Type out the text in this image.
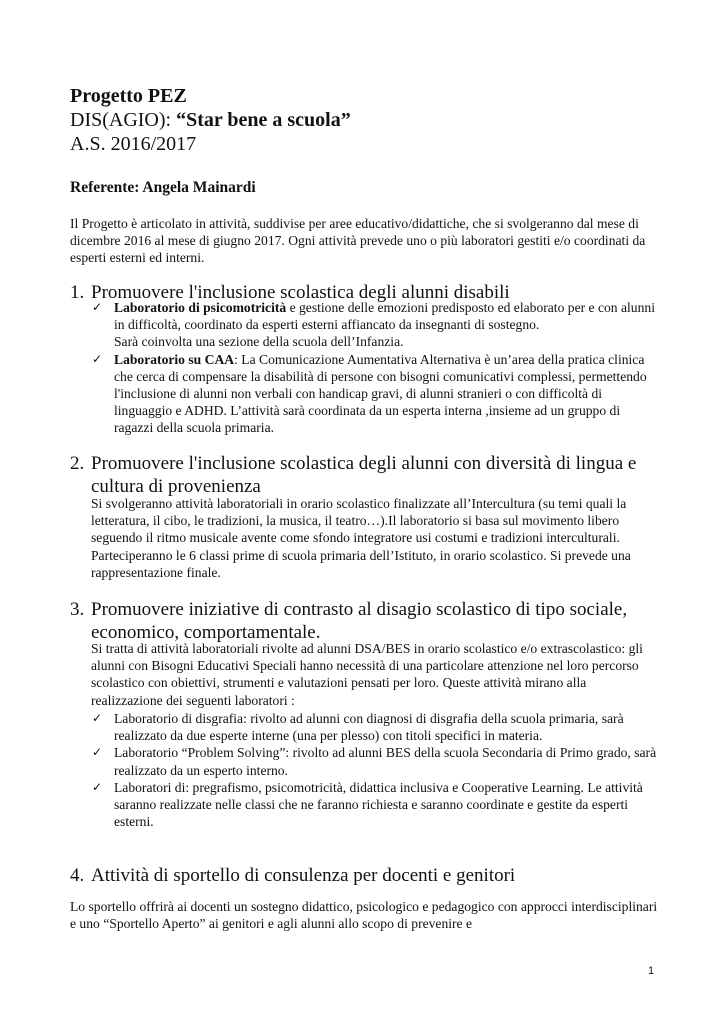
Progetto PEZ
DIS(AGIO): “Star bene a scuola”
A.S. 2016/2017
Referente: Angela Mainardi

Il Progetto è articolato in attività, suddivise per aree educativo/didattiche, che si svolgeranno dal mese di dicembre 2016 al mese di giugno 2017. Ogni attività prevede uno o più laboratori gestiti e/o coordinati da esperti esterni ed interni.

1. Promuovere l'inclusione scolastica degli alunni disabili
✓ Laboratorio di psicomotricità e gestione delle emozioni predisposto ed elaborato per e con alunni in difficoltà, coordinato da esperti esterni affiancato da insegnanti di sostegno.
Sarà coinvolta una sezione della scuola dell’Infanzia.
✓ Laboratorio su CAA: La Comunicazione Aumentativa Alternativa è un’area della pratica clinica che cerca di compensare la disabilità di persone con bisogni comunicativi complessi, permettendo l'inclusione di alunni non verbali con handicap gravi, di alunni stranieri o con difficoltà di linguaggio e ADHD. L’attività sarà coordinata da un esperta interna ,insieme ad un gruppo di ragazzi della scuola primaria.
2. Promuovere l'inclusione scolastica degli alunni con diversità di lingua e
cultura di provenienza

Si svolgeranno attività laboratoriali in orario scolastico finalizzate all’Intercultura (su temi quali la letteratura, il cibo, le tradizioni, la musica, il teatro…).Il laboratorio si basa sul movimento libero seguendo il ritmo musicale avente come sfondo integratore usi costumi e tradizioni interculturali. Parteciperanno le 6 classi prime di scuola primaria dell’Istituto, in orario scolastico. Si prevede una rappresentazione finale.

3. Promuovere iniziative di contrasto al disagio scolastico di tipo sociale,
economico, comportamentale.

Si tratta di attività laboratoriali rivolte ad alunni DSA/BES in orario scolastico e/o extrascolastico: gli alunni con Bisogni Educativi Speciali hanno necessità di una particolare attenzione nel loro percorso scolastico con obiettivi, strumenti e valutazioni pensati per loro. Queste attività mirano alla realizzazione dei seguenti laboratori :

✓ Laboratorio di disgrafia: rivolto ad alunni con diagnosi di disgrafia della scuola primaria, sarà realizzato da due esperte interne (una per plesso) con titoli specifici in materia.
✓ Laboratorio “Problem Solving”: rivolto ad alunni BES della scuola Secondaria di Primo grado, sarà realizzato da un esperto interno.
✓ Laboratori di: pregrafismo, psicomotricità, didattica inclusiva e Cooperative Learning. Le attività saranno realizzate nelle classi che ne faranno richiesta e saranno coordinate e gestite da esperti esterni.
4. Attività di sportello di consulenza per docenti e genitori

Lo sportello offrirà ai docenti un sostegno didattico, psicologico e pedagogico con approcci interdisciplinari e uno “Sportello Aperto” ai genitori e agli alunni allo scopo di prevenire e

1
